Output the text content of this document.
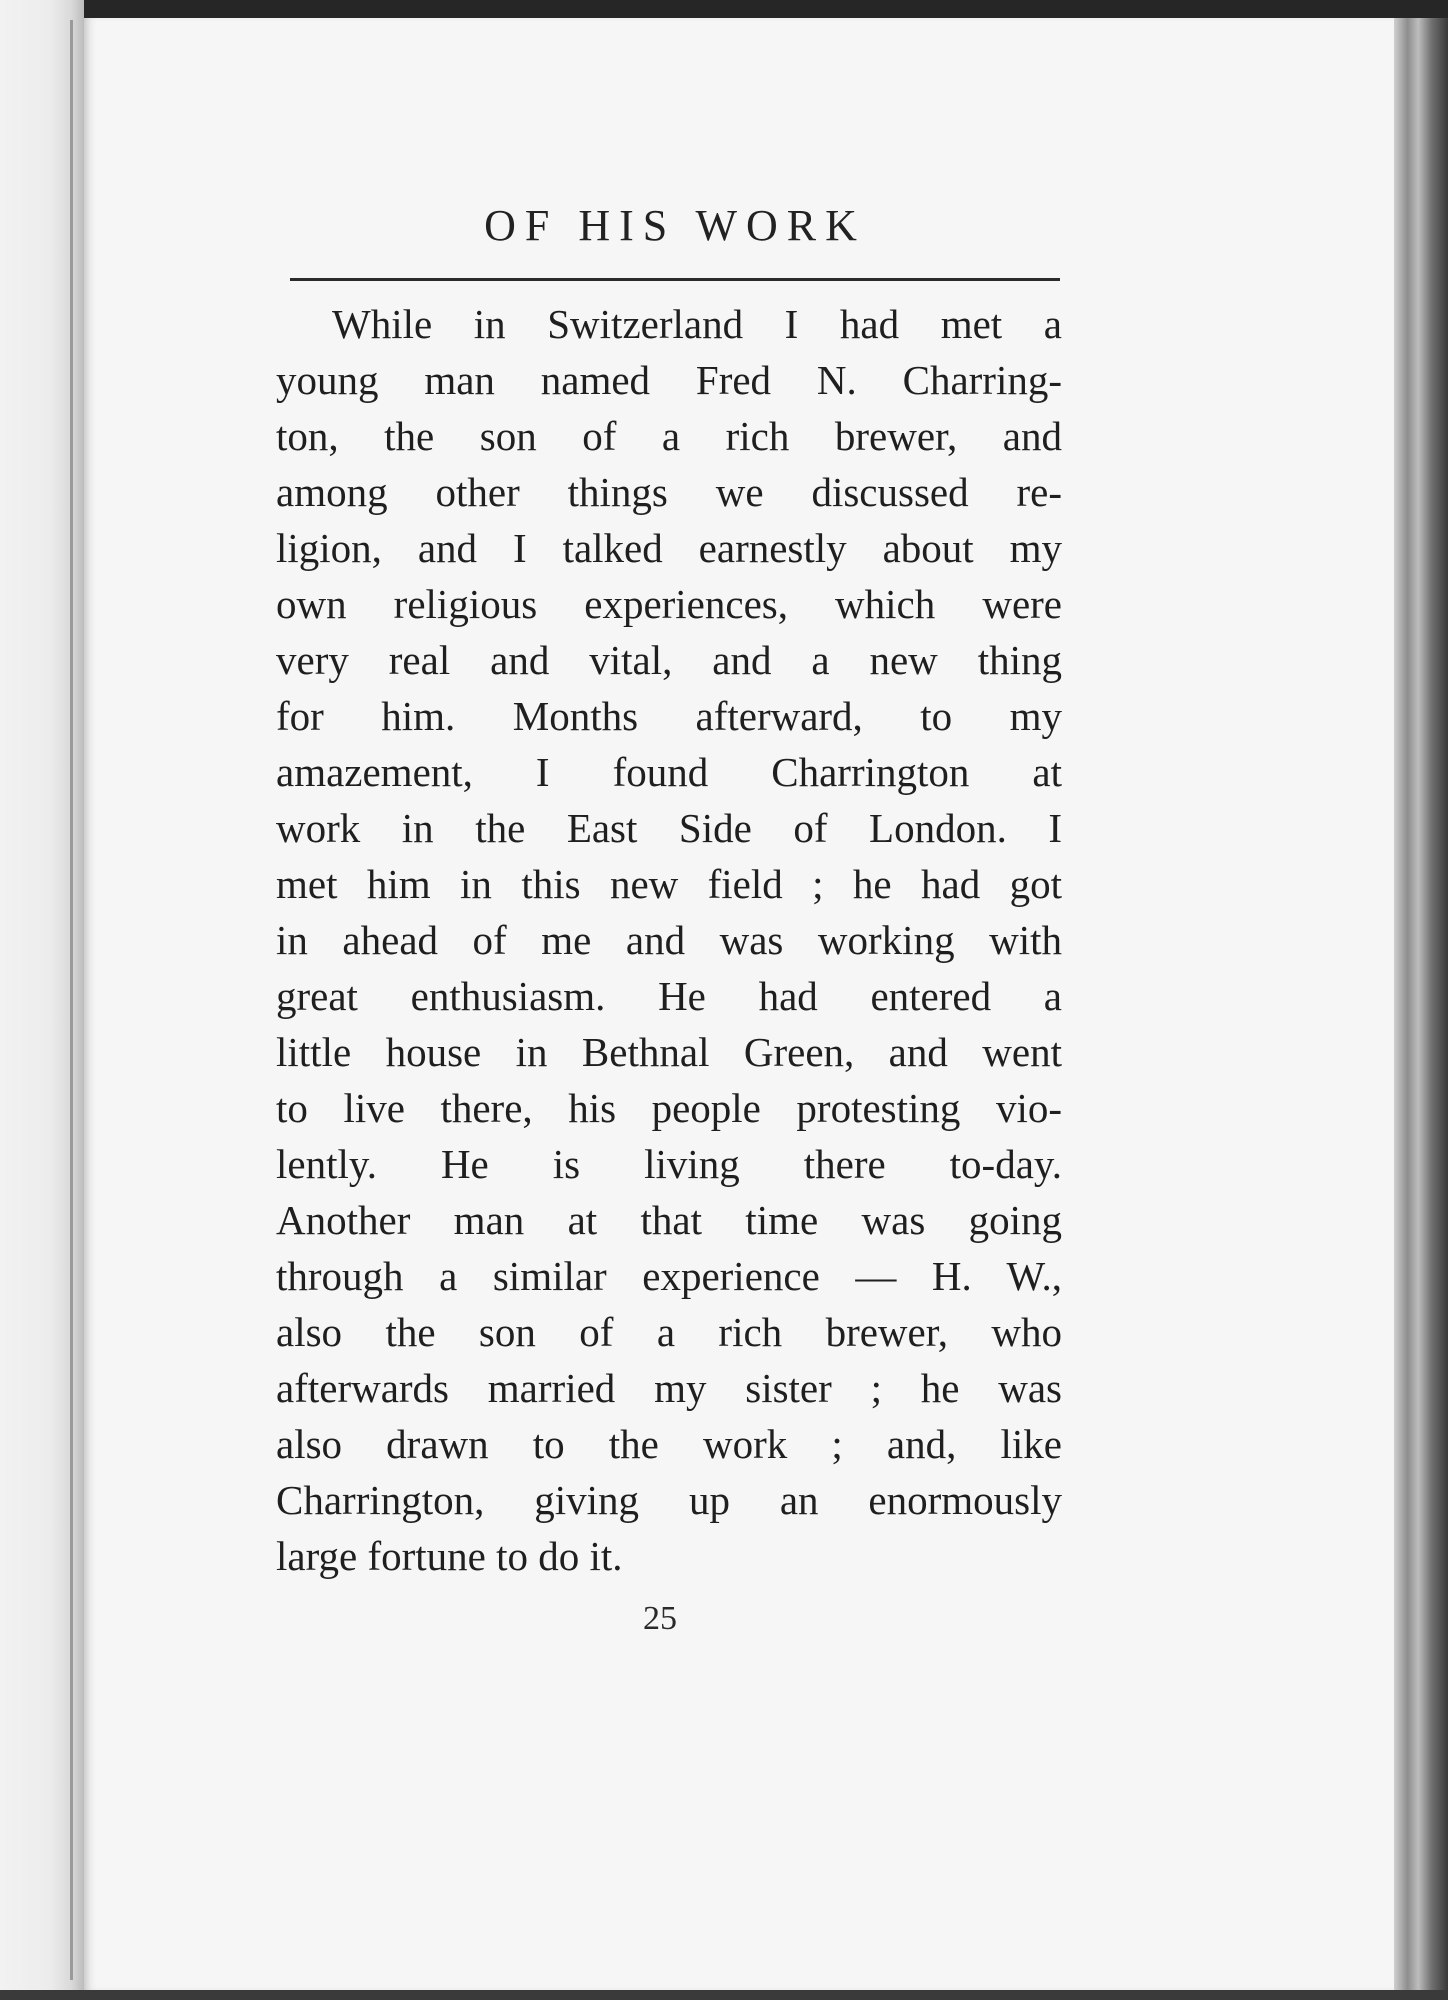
OF HIS WORK
While in Switzerland I had met a
young man named Fred N. Charring-
ton, the son of a rich brewer, and
among other things we discussed re-
ligion, and I talked earnestly about my
own religious experiences, which were
very real and vital, and a new thing
for him. Months afterward, to my
amazement, I found Charrington at
work in the East Side of London. I
met him in this new field ; he had got
in ahead of me and was working with
great enthusiasm. He had entered a
little house in Bethnal Green, and went
to live there, his people protesting vio-
lently. He is living there to-day.
Another man at that time was going
through a similar experience — H. W.,
also the son of a rich brewer, who
afterwards married my sister ; he was
also drawn to the work ; and, like
Charrington, giving up an enormously
large fortune to do it.
25
